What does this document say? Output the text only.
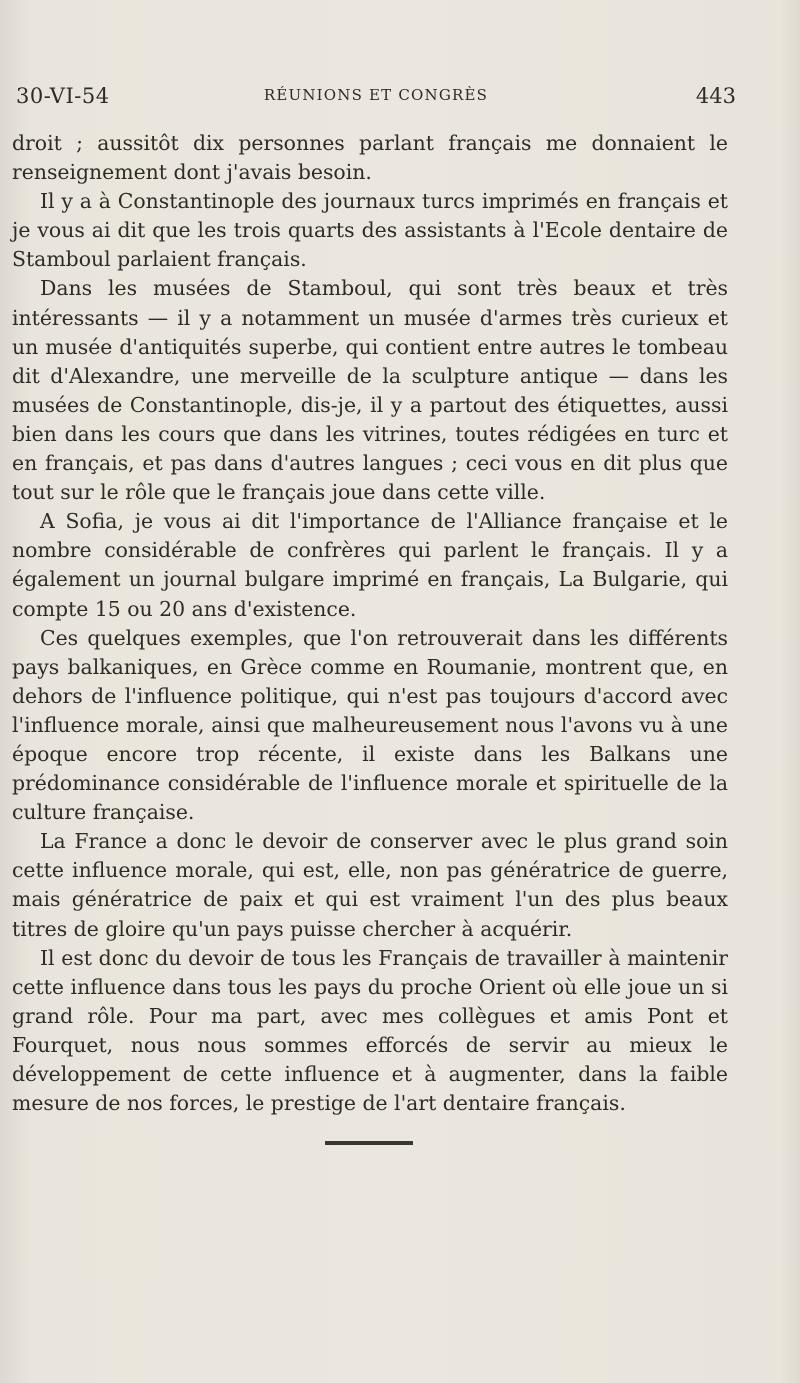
30-VI-54	RÉUNIONS ET CONGRÈS	443

droit ; aussitôt dix personnes parlant français me donnaient le renseignement dont j'avais besoin.

Il y a à Constantinople des journaux turcs imprimés en français et je vous ai dit que les trois quarts des assistants à l'Ecole dentaire de Stamboul parlaient français.

Dans les musées de Stamboul, qui sont très beaux et très intéressants — il y a notamment un musée d'armes très curieux et un musée d'antiquités superbe, qui contient entre autres le tombeau dit d'Alexandre, une merveille de la sculpture antique — dans les musées de Constantinople, dis-je, il y a partout des étiquettes, aussi bien dans les cours que dans les vitrines, toutes rédigées en turc et en français, et pas dans d'autres langues ; ceci vous en dit plus que tout sur le rôle que le français joue dans cette ville.

A Sofia, je vous ai dit l'importance de l'Alliance française et le nombre considérable de confrères qui parlent le français. Il y a également un journal bulgare imprimé en français, La Bulgarie, qui compte 15 ou 20 ans d'existence.

Ces quelques exemples, que l'on retrouverait dans les différents pays balkaniques, en Grèce comme en Roumanie, montrent que, en dehors de l'influence politique, qui n'est pas toujours d'accord avec l'influence morale, ainsi que malheureusement nous l'avons vu à une époque encore trop récente, il existe dans les Balkans une prédominance considérable de l'influence morale et spirituelle de la culture française.

La France a donc le devoir de conserver avec le plus grand soin cette influence morale, qui est, elle, non pas génératrice de guerre, mais génératrice de paix et qui est vraiment l'un des plus beaux titres de gloire qu'un pays puisse chercher à acquérir.

Il est donc du devoir de tous les Français de travailler à maintenir cette influence dans tous les pays du proche Orient où elle joue un si grand rôle. Pour ma part, avec mes collègues et amis Pont et Fourquet, nous nous sommes efforcés de servir au mieux le développement de cette influence et à augmenter, dans la faible mesure de nos forces, le prestige de l'art dentaire français.
